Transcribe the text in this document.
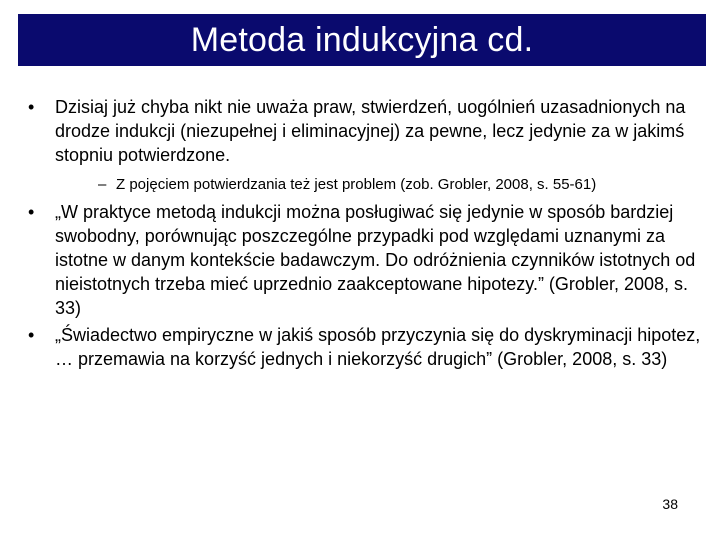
Metoda indukcyjna cd.
•	Dzisiaj już chyba nikt nie uważa praw, stwierdzeń, uogólnień uzasadnionych na drodze indukcji (niezupełnej i eliminacyjnej) za pewne, lecz jedynie za w jakimś stopniu potwierdzone.
– Z pojęciem potwierdzania też jest problem (zob. Grobler, 2008, s. 55-61)
•	„W praktyce metodą indukcji można posługiwać się jedynie w sposób bardziej swobodny, porównując poszczególne przypadki pod względami uznanymi za istotne w danym kontekście badawczym. Do odróżnienia czynników istotnych od nieistotnych trzeba mieć uprzednio zaakceptowane hipotezy.” (Grobler, 2008, s. 33)
•	„Świadectwo empiryczne w jakiś sposób przyczynia się do dyskryminacji hipotez, … przemawia na korzyść jednych i niekorzyść drugich” (Grobler, 2008, s. 33)
38
